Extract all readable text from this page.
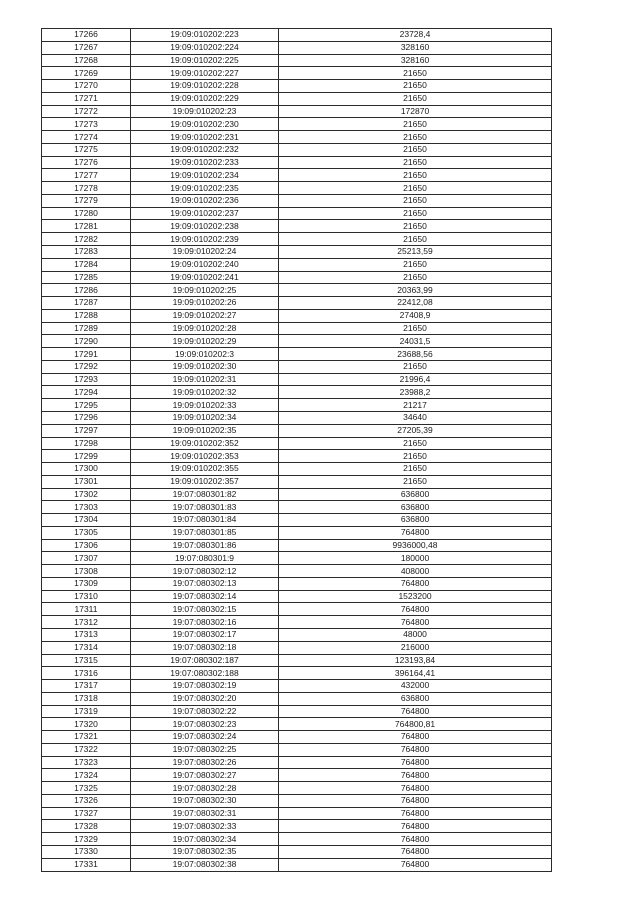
17266	19:09:010202:223	23728,4
17267	19:09:010202:224	328160
17268	19:09:010202:225	328160
17269	19:09:010202:227	21650
17270	19:09:010202:228	21650
17271	19:09:010202:229	21650
17272	19:09:010202:23	172870
17273	19:09:010202:230	21650
17274	19:09:010202:231	21650
17275	19:09:010202:232	21650
17276	19:09:010202:233	21650
17277	19:09:010202:234	21650
17278	19:09:010202:235	21650
17279	19:09:010202:236	21650
17280	19:09:010202:237	21650
17281	19:09:010202:238	21650
17282	19:09:010202:239	21650
17283	19:09:010202:24	25213,59
17284	19:09:010202:240	21650
17285	19:09:010202:241	21650
17286	19:09:010202:25	20363,99
17287	19:09:010202:26	22412,08
17288	19:09:010202:27	27408,9
17289	19:09:010202:28	21650
17290	19:09:010202:29	24031,5
17291	19:09:010202:3	23688,56
17292	19:09:010202:30	21650
17293	19:09:010202:31	21996,4
17294	19:09:010202:32	23988,2
17295	19:09:010202:33	21217
17296	19:09:010202:34	34640
17297	19:09:010202:35	27205,39
17298	19:09:010202:352	21650
17299	19:09:010202:353	21650
17300	19:09:010202:355	21650
17301	19:09:010202:357	21650
17302	19:07:080301:82	636800
17303	19:07:080301:83	636800
17304	19:07:080301:84	636800
17305	19:07:080301:85	764800
17306	19:07:080301:86	9936000,48
17307	19:07:080301:9	180000
17308	19:07:080302:12	408000
17309	19:07:080302:13	764800
17310	19:07:080302:14	1523200
17311	19:07:080302:15	764800
17312	19:07:080302:16	764800
17313	19:07:080302:17	48000
17314	19:07:080302:18	216000
17315	19:07:080302:187	123193,84
17316	19:07:080302:188	396164,41
17317	19:07:080302:19	432000
17318	19:07:080302:20	636800
17319	19:07:080302:22	764800
17320	19:07:080302:23	764800,81
17321	19:07:080302:24	764800
17322	19:07:080302:25	764800
17323	19:07:080302:26	764800
17324	19:07:080302:27	764800
17325	19:07:080302:28	764800
17326	19:07:080302:30	764800
17327	19:07:080302:31	764800
17328	19:07:080302:33	764800
17329	19:07:080302:34	764800
17330	19:07:080302:35	764800
17331	19:07:080302:38	764800
